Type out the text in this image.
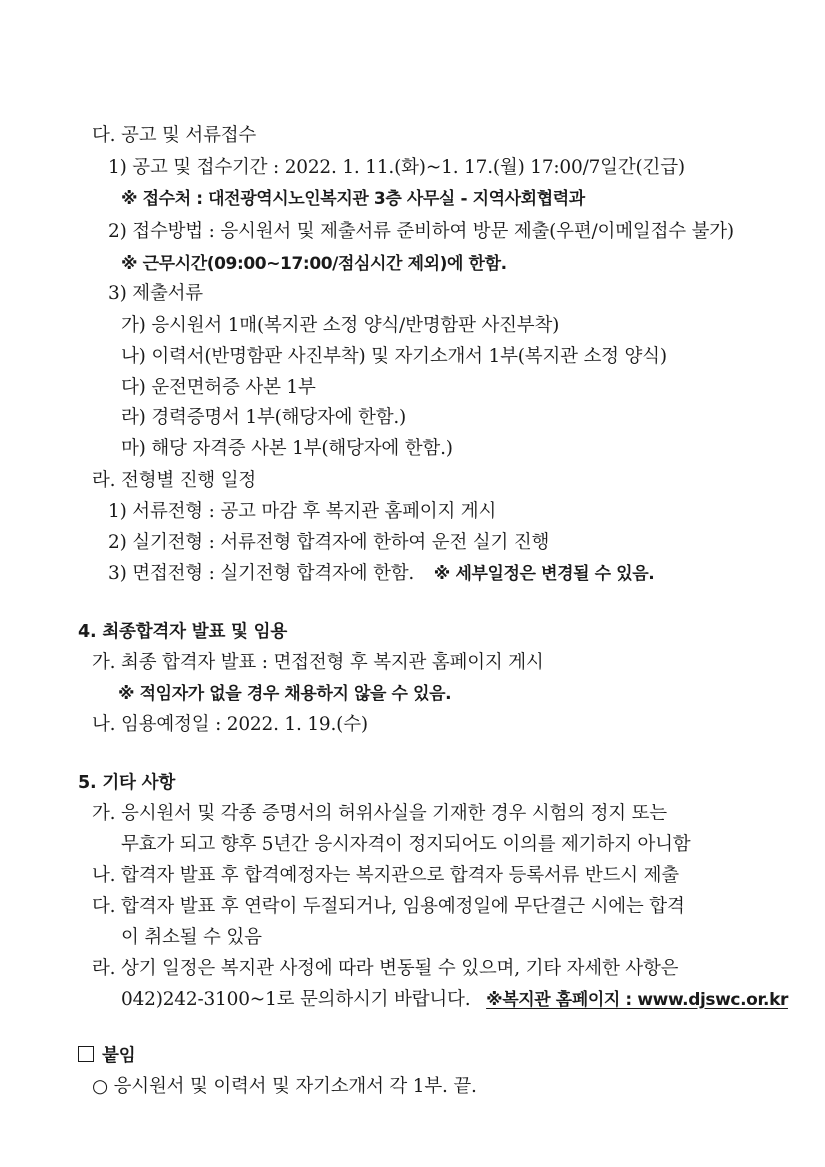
다. 공고 및 서류접수
1) 공고 및 접수기간 : 2022. 1. 11.(화)~1. 17.(월) 17:00/7일간(긴급)
※ 접수처 : 대전광역시노인복지관 3층 사무실 - 지역사회협력과
2) 접수방법 : 응시원서 및 제출서류 준비하여 방문 제출(우편/이메일접수 불가)
※ 근무시간(09:00~17:00/점심시간 제외)에 한함.
3) 제출서류
가) 응시원서 1매(복지관 소정 양식/반명함판 사진부착)
나) 이력서(반명함판 사진부착) 및 자기소개서 1부(복지관 소정 양식)
다) 운전면허증 사본 1부
라) 경력증명서 1부(해당자에 한함.)
마) 해당 자격증 사본 1부(해당자에 한함.)
라. 전형별 진행 일정
1) 서류전형 : 공고 마감 후 복지관 홈페이지 게시
2) 실기전형 : 서류전형 합격자에 한하여 운전 실기 진행
3) 면접전형 : 실기전형 합격자에 한함. ※ 세부일정은 변경될 수 있음.
4. 최종합격자 발표 및 임용
가. 최종 합격자 발표 : 면접전형 후 복지관 홈페이지 게시
※ 적임자가 없을 경우 채용하지 않을 수 있음.
나. 임용예정일 : 2022. 1. 19.(수)
5. 기타 사항
가. 응시원서 및 각종 증명서의 허위사실을 기재한 경우 시험의 정지 또는
무효가 되고 향후 5년간 응시자격이 정지되어도 이의를 제기하지 아니함
나. 합격자 발표 후 합격예정자는 복지관으로 합격자 등록서류 반드시 제출
다. 합격자 발표 후 연락이 두절되거나, 임용예정일에 무단결근 시에는 합격
이 취소될 수 있음
라. 상기 일정은 복지관 사정에 따라 변동될 수 있으며, 기타 자세한 사항은
042)242-3100~1로 문의하시기 바랍니다. ※복지관 홈페이지 : www.djswc.or.kr
붙임
○ 응시원서 및 이력서 및 자기소개서 각 1부. 끝.
